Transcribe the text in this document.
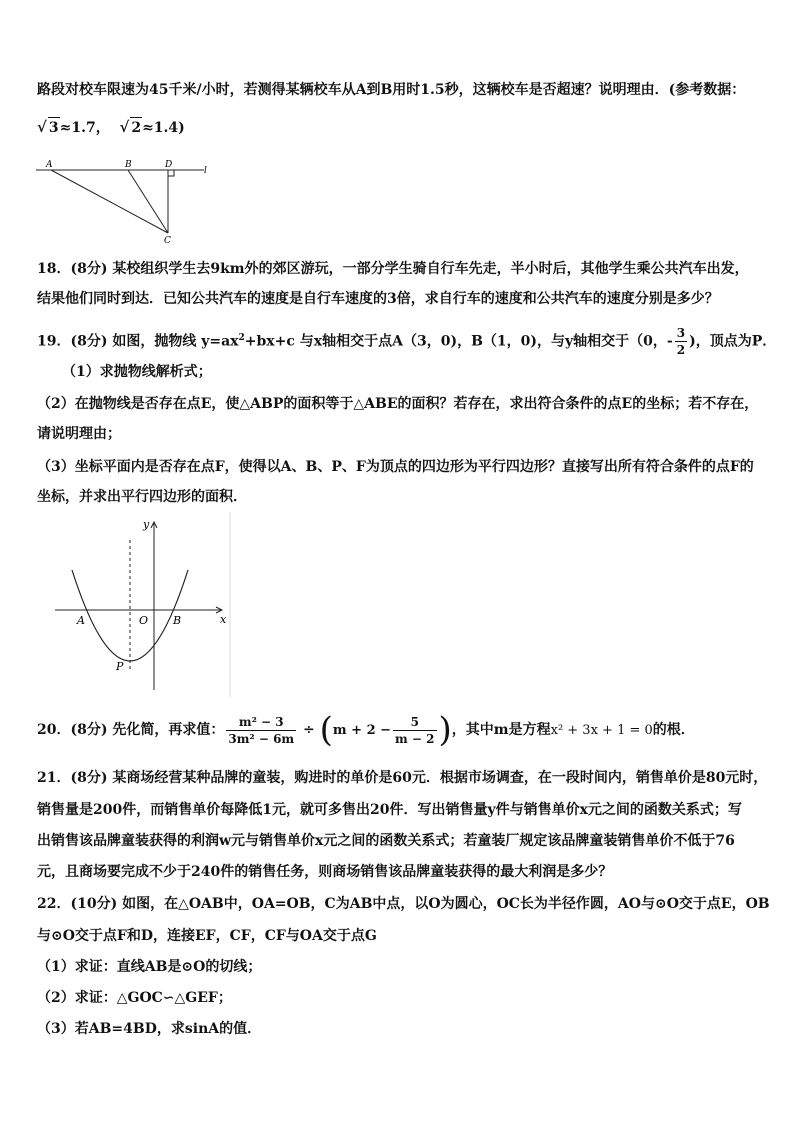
路段对校车限速为45千米/小时，若测得某辆校车从A到B用时1.5秒，这辆校车是否超速？说明理由．(参考数据：
√ 3≈1.7， √ 2≈1.4)
A	B	D
l
C
18．(8分) 某校组织学生去9km外的郊区游玩，一部分学生骑自行车先走，半小时后，其他学生乘公共汽车出发，
结果他们同时到达．已知公共汽车的速度是自行车速度的3倍，求自行车的速度和公共汽车的速度分别是多少？
19．(8分) 如图，抛物线 $y=ax^2+bx+c$ 与x轴相交于点A（3，0)，B（1，0)，与y轴相交于（0，- $\frac{3}{2}$ )，顶点为P．
（1）求抛物线解析式；
（2）在抛物线是否存在点E，使△ABP的面积等于△ABE的面积？若存在，求出符合条件的点E的坐标；若不存在，
请说明理由；
（3）坐标平面内是否存在点F，使得以A、B、P、F为顶点的四边形为平行四边形？直接写出所有符合条件的点F的
坐标，并求出平行四边形的面积．
y
x
A	O B
P
20．(8分) 先化简，再求值： $\frac{\text{m² − 3}}{\text{3m² − 6m}} \div (m + 2 - \frac{5}{m - 2}$ )，其中m是方程x² + 3x + 1 = 0的根．
21．(8分) 某商场经营某种品牌的童装，购进时的单价是60元．根据市场调查，在一段时间内，销售单价是80元时，
销售量是200件，而销售单价每降低1元，就可多售出20件．写出销售量y件与销售单价x元之间的函数关系式；写
出销售该品牌童装获得的利润w元与销售单价x元之间的函数关系式；若童装厂规定该品牌童装销售单价不低于76
元，且商场要完成不少于240件的销售任务，则商场销售该品牌童装获得的最大利润是多少？
22．(10分) 如图，在△OAB中，OA=OB，C为AB中点，以O为圆心，OC长为半径作圆，AO与⊙O交于点E，OB
与⊙O交于点F和D，连接EF，CF，CF与OA交于点G
（1）求证：直线AB是⊙O的切线；
（2）求证：△GOC∽△GEF；
（3）若AB=4BD，求sinA的值．
